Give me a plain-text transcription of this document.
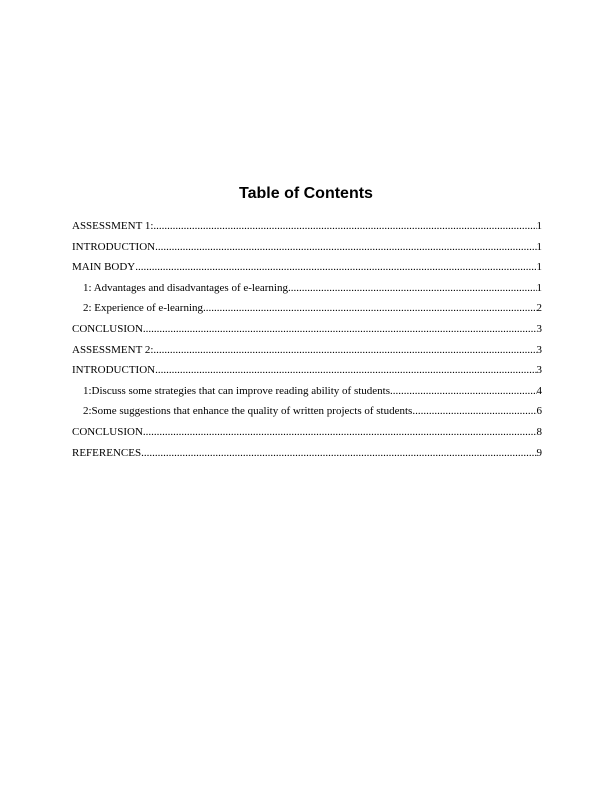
Table of Contents
ASSESSMENT 1: .....	1
INTRODUCTION .....	1
MAIN BODY .....	1
1: Advantages and disadvantages of e-learning .....	1
2: Experience of e-learning .....	2
CONCLUSION .....	3
ASSESSMENT 2: .....	3
INTRODUCTION .....	3
1:Discuss some strategies that can improve reading ability of students .....	4
2:Some suggestions that enhance the quality of written projects of students .....	6
CONCLUSION .....	8
REFERENCES .....	9
